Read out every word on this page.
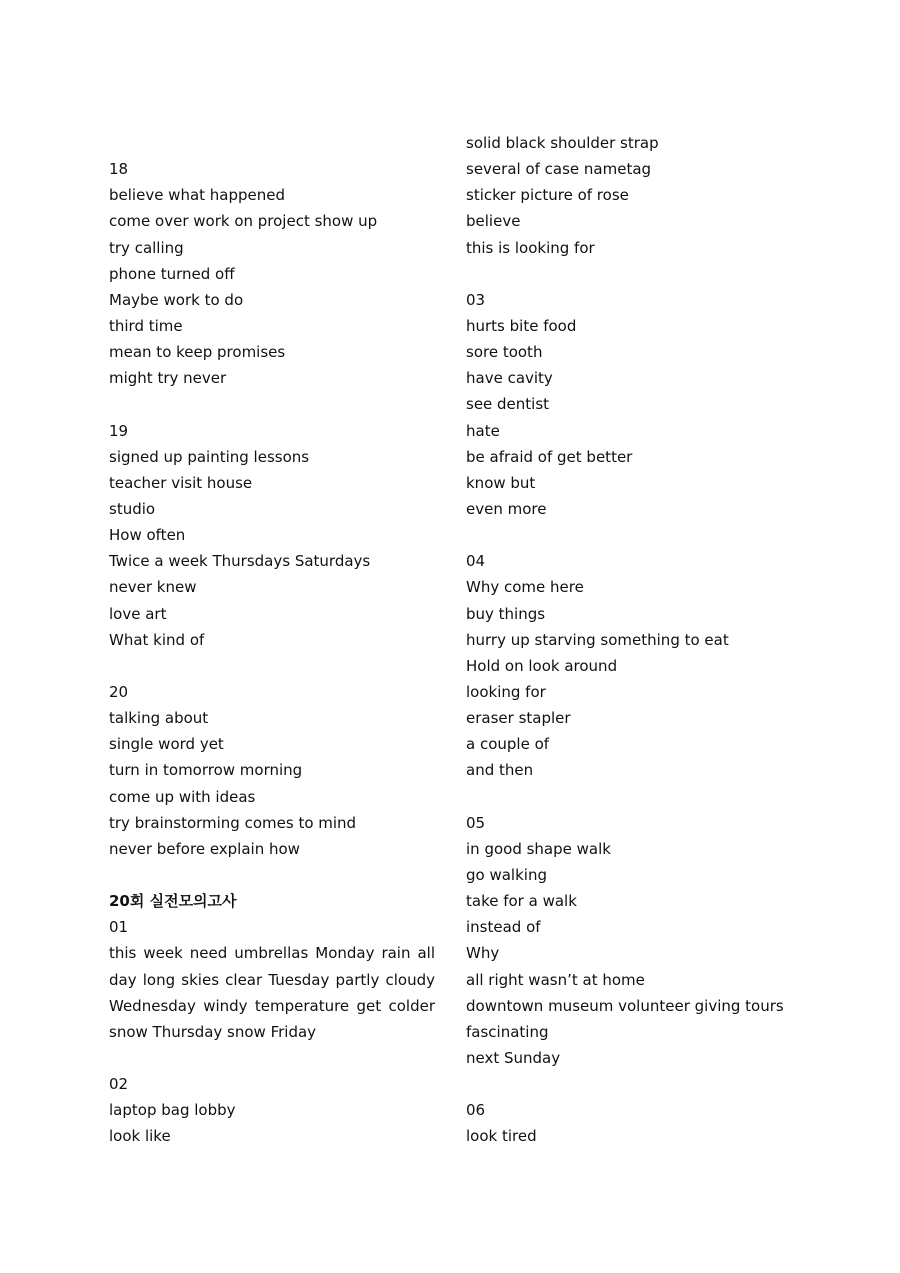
18
believe what happened
come over work on project show up
try calling
phone turned off
Maybe work to do
third time
mean to keep promises
might try never
19
signed up painting lessons
teacher visit house
studio
How often
Twice a week Thursdays Saturdays
never knew
love art
What kind of
20
talking about
single word yet
turn in tomorrow morning
come up with ideas
try brainstorming comes to mind
never before explain how
20회 실전모의고사
01
this week need umbrellas Monday rain all day long skies clear Tuesday partly cloudy Wednesday windy temperature get colder snow Thursday snow Friday
02
laptop bag lobby
look like
solid black shoulder strap
several of case nametag
sticker picture of rose
believe
this is looking for
03
hurts bite food
sore tooth
have cavity
see dentist
hate
be afraid of get better
know but
even more
04
Why come here
buy things
hurry up starving something to eat
Hold on look around
looking for
eraser stapler
a couple of
and then
05
in good shape walk
go walking
take for a walk
instead of
Why
all right wasn’t at home
downtown museum volunteer giving tours
fascinating
next Sunday
06
look tired
